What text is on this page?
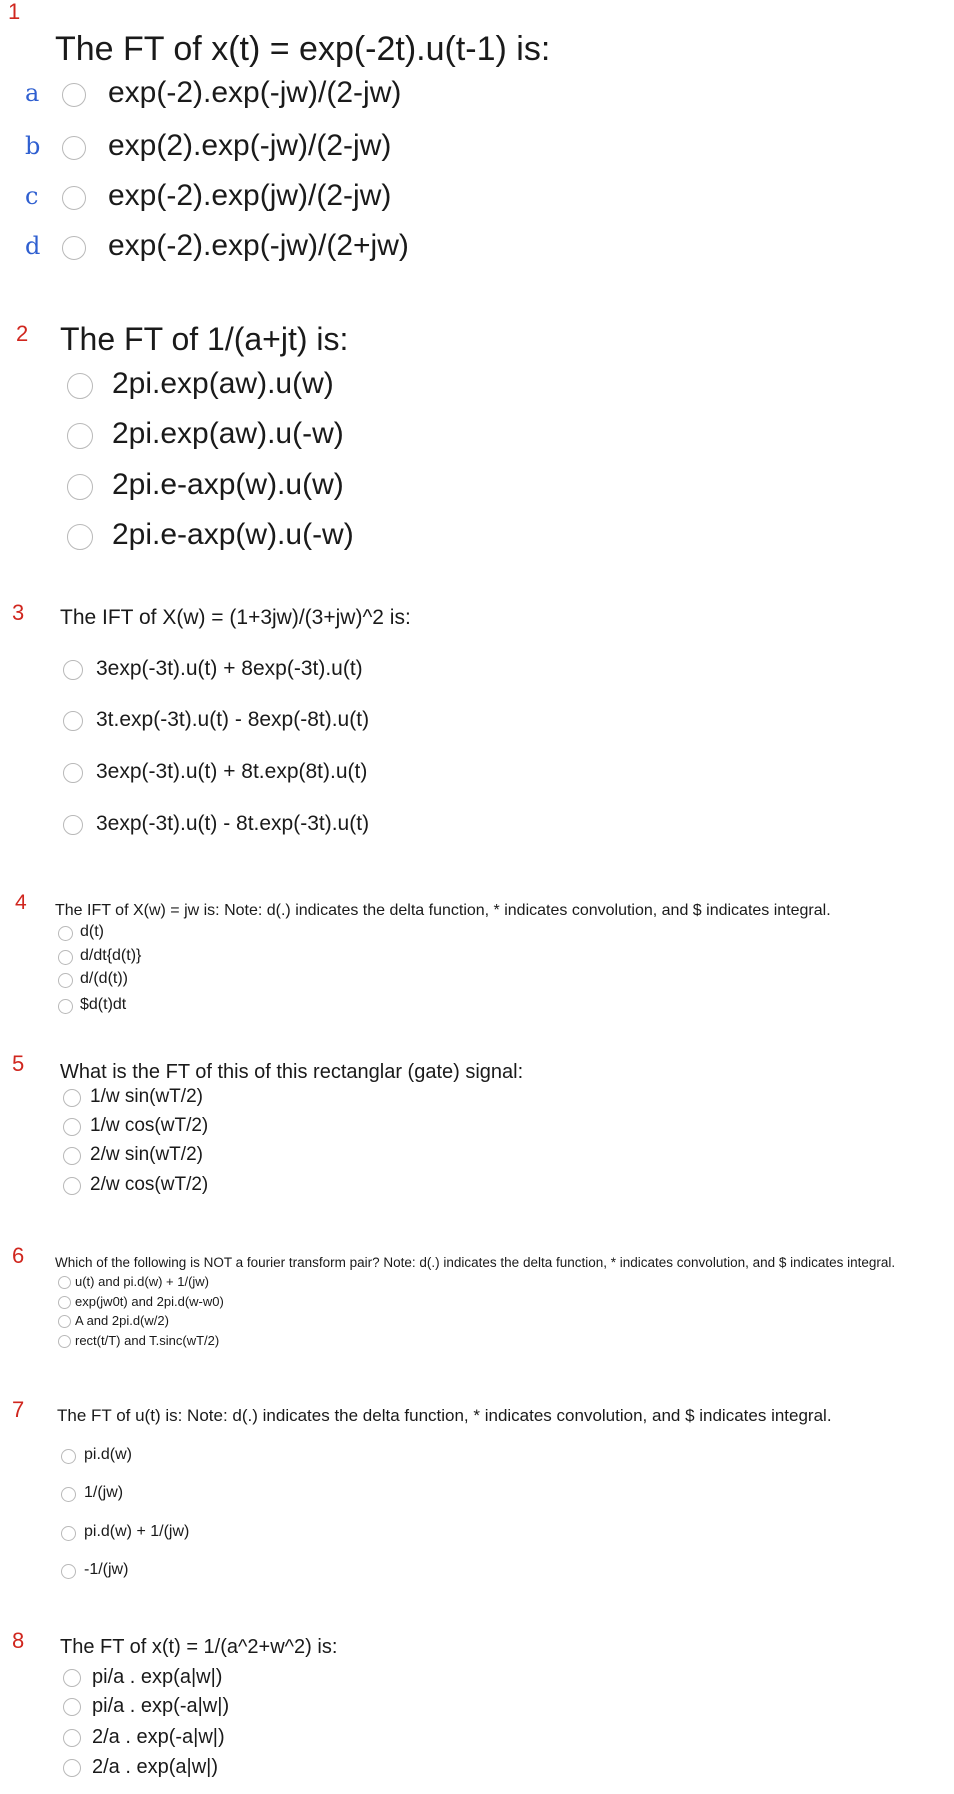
1
The FT of x(t) = exp(-2t).u(t-1) is:
a exp(-2).exp(-jw)/(2-jw)
b exp(2).exp(-jw)/(2-jw)
c exp(-2).exp(jw)/(2-jw)
d exp(-2).exp(-jw)/(2+jw)
2 The FT of 1/(a+jt) is:
2pi.exp(aw).u(w)
2pi.exp(aw).u(-w)
2pi.e-axp(w).u(w)
2pi.e-axp(w).u(-w)
3 The IFT of X(w) = (1+3jw)/(3+jw)^2 is:
3exp(-3t).u(t) + 8exp(-3t).u(t)
3t.exp(-3t).u(t) - 8exp(-8t).u(t)
3exp(-3t).u(t) + 8t.exp(8t).u(t)
3exp(-3t).u(t) - 8t.exp(-3t).u(t)
4 The IFT of X(w) = jw is: Note: d(.) indicates the delta function, * indicates convolution, and $ indicates integral.
d(t)
d/dt{d(t)}
d/(d(t))
$d(t)dt
5 What is the FT of this of this rectanglar (gate) signal:
1/w sin(wT/2)
1/w cos(wT/2)
2/w sin(wT/2)
2/w cos(wT/2)
6 Which of the following is NOT a fourier transform pair? Note: d(.) indicates the delta function, * indicates convolution, and $ indicates integral.
u(t) and pi.d(w) + 1/(jw)
exp(jw0t) and 2pi.d(w-w0)
A and 2pi.d(w/2)
rect(t/T) and T.sinc(wT/2)
7 The FT of u(t) is: Note: d(.) indicates the delta function, * indicates convolution, and $ indicates integral.
pi.d(w)
1/(jw)
pi.d(w) + 1/(jw)
-1/(jw)
8 The FT of x(t) = 1/(a^2+w^2) is:
pi/a . exp(a|w|)
pi/a . exp(-a|w|)
2/a . exp(-a|w|)
2/a . exp(a|w|)
